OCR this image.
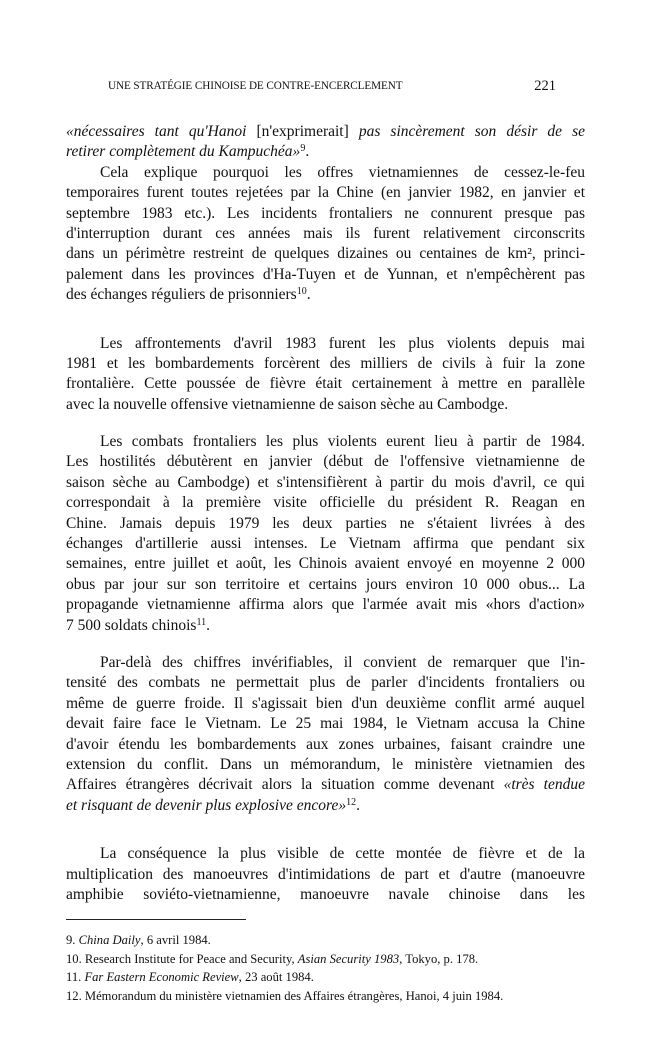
UNE STRATÉGIE CHINOISE DE CONTRE-ENCERCLEMENT	221
«nécessaires tant qu'Hanoi [n'exprimerait] pas sincèrement son désir de se
retirer complètement du Kampuchéa»$^9$.
Cela explique pourquoi les offres vietnamiennes de cessez-le-feu
temporaires furent toutes rejetées par la Chine (en janvier 1982, en janvier et
septembre 1983 etc.). Les incidents frontaliers ne connurent presque pas
d'interruption durant ces années mais ils furent relativement circonscrits
dans un périmètre restreint de quelques dizaines ou centaines de km², princi-
palement dans les provinces d'Ha-Tuyen et de Yunnan, et n'empêchèrent pas
des échanges réguliers de prisonniers$^{10}$.
Les affrontements d'avril 1983 furent les plus violents depuis mai
1981 et les bombardements forcèrent des milliers de civils à fuir la zone
frontalière. Cette poussée de fièvre était certainement à mettre en parallèle
avec la nouvelle offensive vietnamienne de saison sèche au Cambodge.
Les combats frontaliers les plus violents eurent lieu à partir de 1984.
Les hostilités débutèrent en janvier (début de l'offensive vietnamienne de
saison sèche au Cambodge) et s'intensifièrent à partir du mois d'avril, ce qui
correspondait à la première visite officielle du président R. Reagan en
Chine. Jamais depuis 1979 les deux parties ne s'étaient livrées à des
échanges d'artillerie aussi intenses. Le Vietnam affirma que pendant six
semaines, entre juillet et août, les Chinois avaient envoyé en moyenne 2 000
obus par jour sur son territoire et certains jours environ 10 000 obus... La
propagande vietnamienne affirma alors que l'armée avait mis «hors d'action»
7 500 soldats chinois$^{11}$.
Par-delà des chiffres invérifiables, il convient de remarquer que l'in-
tensité des combats ne permettait plus de parler d'incidents frontaliers ou
même de guerre froide. Il s'agissait bien d'un deuxième conflit armé auquel
devait faire face le Vietnam. Le 25 mai 1984, le Vietnam accusa la Chine
d'avoir étendu les bombardements aux zones urbaines, faisant craindre une
extension du conflit. Dans un mémorandum, le ministère vietnamien des
Affaires étrangères décrivait alors la situation comme devenant «très tendue
et risquant de devenir plus explosive encore»$^{12}$.
La conséquence la plus visible de cette montée de fièvre et de la
multiplication des manoeuvres d'intimidations de part et d'autre (manoeuvre
amphibie soviéto-vietnamienne, manoeuvre navale chinoise dans les
9. China Daily, 6 avril 1984.
10. Research Institute for Peace and Security, Asian Security 1983, Tokyo, p. 178.
11. Far Eastern Economic Review, 23 août 1984.
12. Mémorandum du ministère vietnamien des Affaires étrangères, Hanoi, 4 juin 1984.
